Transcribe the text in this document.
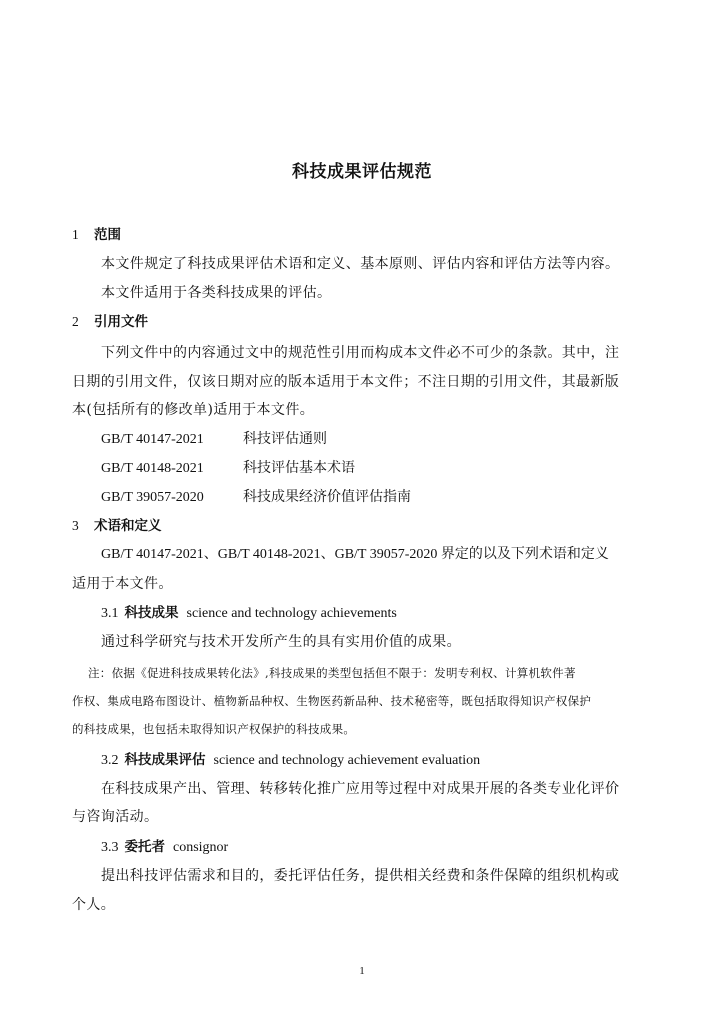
科技成果评估规范
1 范围
本文件规定了科技成果评估术语和定义、基本原则、评估内容和评估方法等内容。
本文件适用于各类科技成果的评估。
2 引用文件
下列文件中的内容通过文中的规范性引用而构成本文件必不可少的条款。其中，注
日期的引用文件，仅该日期对应的版本适用于本文件；不注日期的引用文件，其最新版
本(包括所有的修改单)适用于本文件。
GB/T 40147-2021	科技评估通则
GB/T 40148-2021	科技评估基本术语
GB/T 39057-2020	科技成果经济价值评估指南
3 术语和定义
GB/T 40147-2021、GB/T 40148-2021、GB/T 39057-2020 界定的以及下列术语和定义
适用于本文件。
3.1 科技成果 science and technology achievements
通过科学研究与技术开发所产生的具有实用价值的成果。
注：依据《促进科技成果转化法》,科技成果的类型包括但不限于：发明专利权、计算机软件著
作权、集成电路布图设计、植物新品种权、生物医药新品种、技术秘密等，既包括取得知识产权保护
的科技成果，也包括未取得知识产权保护的科技成果。
3.2 科技成果评估 science and technology achievement evaluation
在科技成果产出、管理、转移转化推广应用等过程中对成果开展的各类专业化评价
与咨询活动。
3.3 委托者 consignor
提出科技评估需求和目的，委托评估任务，提供相关经费和条件保障的组织机构或
个人。
1
